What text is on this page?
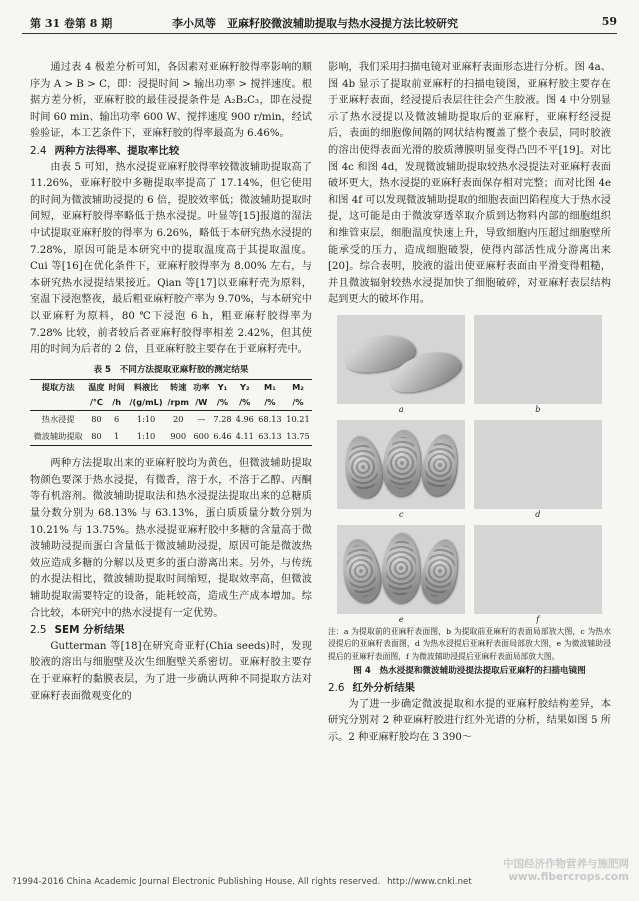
第 31 卷第 8 期	李小凤等　亚麻籽胶微波辅助提取与热水浸提方法比较研究	59

通过表 4 极差分析可知，各因素对亚麻籽胶得率影响的顺序为 A > B > C，即：浸提时间 > 输出功率 > 搅拌速度。根据方差分析，亚麻籽胶的最佳浸提条件是 A₂B₂C₃，即在浸提时间 60 min、输出功率 600 W、搅拌速度 900 r/min，经试验验证，本工艺条件下，亚麻籽胶的得率最高为 6.46%。

2.4 两种方法得率、提取率比较

由表 5 可知，热水浸提亚麻籽胶得率较微波辅助提取高了 11.26%，亚麻籽胶中多糖提取率提高了 17.14%，但它使用的时间为微波辅助浸提的 6 倍，提胶效率低；微波辅助提取时间短，亚麻籽胶得率略低于热水浸提。叶显等[15]报道的湿法中试提取亚麻籽胶的得率为 6.26%，略低于本研究热水浸提的 7.28%，原因可能是本研究中的提取温度高于其提取温度。Cui 等[16]在优化条件下，亚麻籽胶得率为 8.00% 左右，与本研究热水浸提结果接近。Qian 等[17]以亚麻籽壳为原料，室温下浸泡整夜，最后粗亚麻籽胶产率为 9.70%，与本研究中以亚麻籽为原料，80 ℃下浸泡 6 h，粗亚麻籽胶得率为 7.28% 比较，前者较后者亚麻籽胶得率相差 2.42%，但其使用的时间为后者的 2 倍，且亚麻籽胶主要存在于亚麻籽壳中。

表 5　不同方法提取亚麻籽胶的测定结果
提取方法	温度	时间	料液比	转速	功率	Y₁	Y₂	M₁	M₂
	/℃	/h	/(g/mL)	/rpm	/W	/%	/%	/%	/%
热水浸提	80	6	1:10	20	—	7.28	4.96	68.13	10.21
微波辅助提取	80	1	1:10	900	600	6.46	4.11	63.13	13.75

两种方法提取出来的亚麻籽胶均为黄色，但微波辅助提取物颜色要深于热水浸提，有微香，溶于水，不溶于乙醇、丙酮等有机溶剂。微波辅助提取法和热水浸提法提取出来的总糖质量分数分别为 68.13% 与 63.13%，蛋白质质量分数分别为 10.21% 与 13.75%。热水浸提亚麻籽胶中多糖的含量高于微波辅助浸提而蛋白含量低于微波辅助浸提，原因可能是微波热效应造成多糖的分解以及更多的蛋白游离出来。另外，与传统的水提法相比，微波辅助提取时间缩短，提取效率高，但微波辅助提取需要特定的设备，能耗较高，造成生产成本增加。综合比较，本研究中的热水浸提有一定优势。

2.5 SEM 分析结果

Gutterman 等[18]在研究奇亚籽(Chia seeds)时，发现胶液的溶出与细胞壁及次生细胞壁关系密切。亚麻籽胶主要存在于亚麻籽的黏膜表层，为了进一步确认两种不同提取方法对亚麻籽表面微观变化的

影响，我们采用扫描电镜对亚麻籽表面形态进行分析。图 4a、图 4b 显示了提取前亚麻籽的扫描电镜图，亚麻籽胶主要存在于亚麻籽表面，经浸提后表层往往会产生胶液。图 4 中分别显示了热水浸提以及微波辅助提取后的亚麻籽，亚麻籽经浸提后，表面的细胞像间隔的网状结构覆盖了整个表层，同时胶液的溶出使得表面光滑的胶质薄膜明显变得凸凹不平[19]。对比图 4c 和图 4d，发现微波辅助提取较热水浸提法对亚麻籽表面破坏更大，热水浸提的亚麻籽表面保存相对完整；而对比图 4e 和图 4f 可以发现微波辅助提取的细胞表面凹陷程度大于热水浸提，这可能是由于微波穿透萃取介质到达物料内部的细胞组织和维管束层，细胞温度快速上升，导致细胞内压超过细胞壁所能承受的压力，造成细胞破裂，使得内部活性成分游离出来[20]。综合表明，胶液的溢出使亚麻籽表面由平滑变得粗糙，并且微波辐射较热水浸提加快了细胞破碎，对亚麻籽表层结构起到更大的破坏作用。

a	b
c	d
e	f

注：a 为提取前的亚麻籽表面图，b 为提取前亚麻籽的表面局部放大图，c 为热水浸提后的亚麻籽表面图，d 为热水浸提后亚麻籽表面局部放大图，e 为微波辅助浸提后的亚麻籽表面图，f 为微波辅助浸提后亚麻籽表面局部放大图。

图 4　热水浸提和微波辅助浸提法提取后亚麻籽的扫描电镜图

2.6 红外分析结果

为了进一步确定微波提取和水提的亚麻籽胶结构差异，本研究分别对 2 种亚麻籽胶进行红外光谱的分析，结果如图 5 所示。2 种亚麻籽胶均在 3 390～

?1994-2016 China Academic Journal Electronic Publishing House. All rights reserved. http://www.cnki.net
中国经济作物营养与施肥网
www.fibercrops.com
